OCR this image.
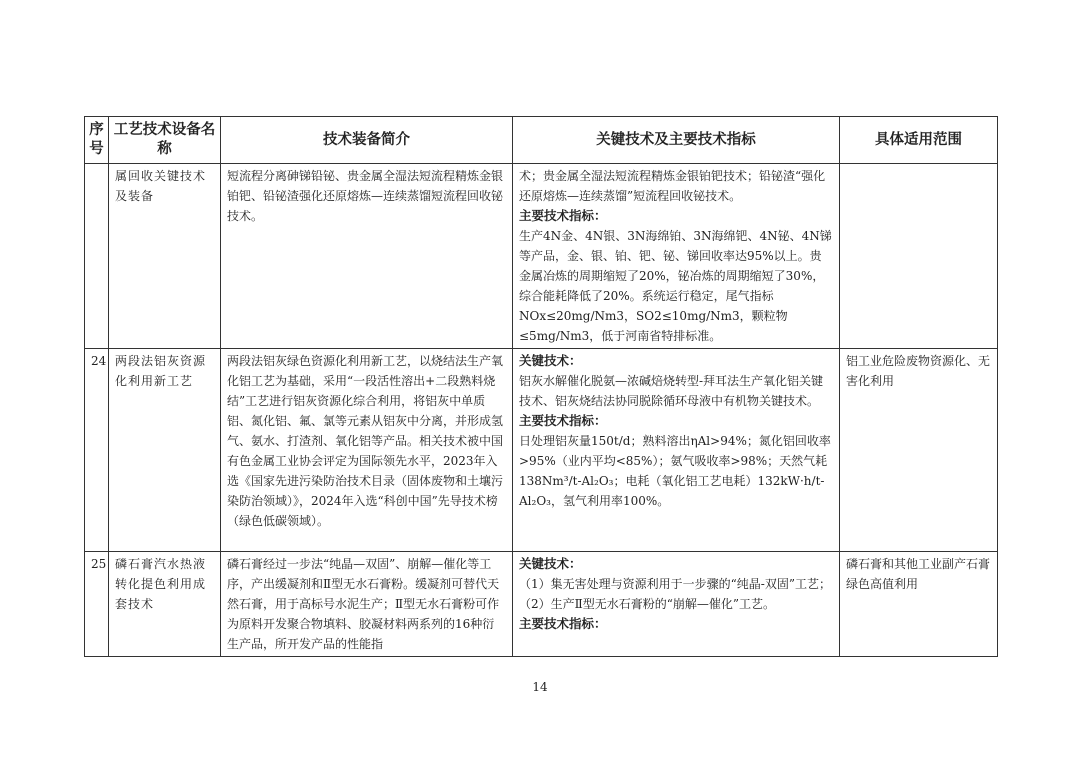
序号	工艺技术设备名称	技术装备简介	关键技术及主要技术指标	具体适用范围
	属回收关键技术及装备	短流程分离砷锑铅铋、贵金属全湿法短流程精炼金银铂钯、铅铋渣强化还原熔炼—连续蒸馏短流程回收铋技术。	术；贵金属全湿法短流程精炼金银铂钯技术；铅铋渣“强化还原熔炼—连续蒸馏”短流程回收铋技术。
主要技术指标：
生产4N金、4N银、3N海绵铂、3N海绵钯、4N铋、4N锑等产品，金、银、铂、钯、铋、锑回收率达95%以上。贵金属冶炼的周期缩短了20%，铋冶炼的周期缩短了30%，综合能耗降低了20%。系统运行稳定，尾气指标NOx≤20mg/Nm3，SO2≤10mg/Nm3，颗粒物≤5mg/Nm3，低于河南省特排标准。	

24	两段法铝灰资源化利用新工艺	两段法铝灰绿色资源化利用新工艺，以烧结法生产氧化铝工艺为基础，采用“一段活性溶出+二段熟料烧结”工艺进行铝灰资源化综合利用，将铝灰中单质铝、氮化铝、氟、氯等元素从铝灰中分离，并形成氢气、氨水、打渣剂、氧化铝等产品。相关技术被中国有色金属工业协会评定为国际领先水平，2023年入选《国家先进污染防治技术目录（固体废物和土壤污染防治领域）》，2024年入选“科创中国”先导技术榜（绿色低碳领域）。	关键技术：
铝灰水解催化脱氨—浓碱焙烧转型-拜耳法生产氧化铝关键技术、铝灰烧结法协同脱除循环母液中有机物关键技术。
主要技术指标：
日处理铝灰量150t/d；熟料溶出ηAl>94%；氮化铝回收率>95%（业内平均<85%）；氨气吸收率>98%；天然气耗138Nm³/t-Al₂O₃；电耗（氧化铝工艺电耗）132kW·h/t-Al₂O₃，氢气利用率100%。	铝工业危险废物资源化、无害化利用
25	磷石膏汽水热液转化提色利用成套技术	磷石膏经过一步法“纯晶—双固”、崩解—催化等工序，产出缓凝剂和Ⅱ型无水石膏粉。缓凝剂可替代天然石膏，用于高标号水泥生产；Ⅱ型无水石膏粉可作为原料开发聚合物填料、胶凝材料两系列的16种衍生产品，所开发产品的性能指	关键技术：
（1）集无害处理与资源利用于一步骤的“纯晶-双固”工艺；（2）生产Ⅱ型无水石膏粉的“崩解—催化”工艺。
主要技术指标：	磷石膏和其他工业副产石膏绿色高值利用
14
